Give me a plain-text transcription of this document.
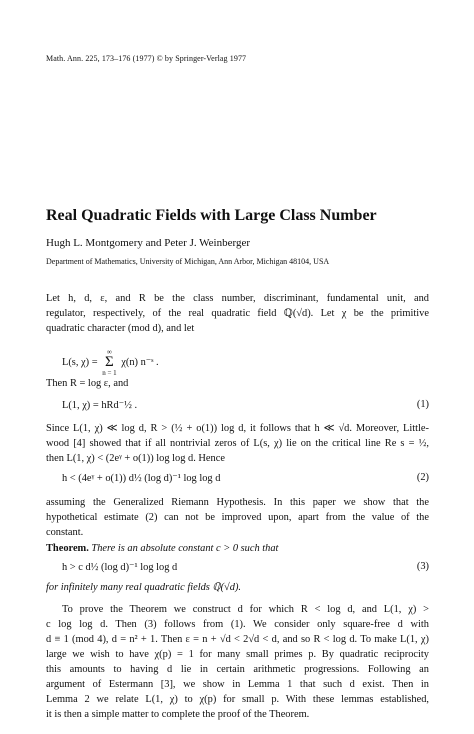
Math. Ann. 225, 173–176 (1977) © by Springer-Verlag 1977
Real Quadratic Fields with Large Class Number
Hugh L. Montgomery and Peter J. Weinberger
Department of Mathematics, University of Michigan, Ann Arbor, Michigan 48104, USA
Let h, d, ε, and R be the class number, discriminant, fundamental unit, and
regulator, respectively, of the real quadratic field ℚ(√d). Let χ be the primitive
quadratic character (mod d), and let
L(s, χ) = ∞
Σ
n = 1 χ(n) n⁻ˢ .
Then R = log ε, and
L(1, χ) = hRd⁻½ .	(1)
Since L(1, χ) ≪ log d, R > (½ + o(1)) log d, it follows that h ≪ √d. Moreover, Little-
wood [4] showed that if all nontrivial zeros of L(s, χ) lie on the critical line Re s = ½,
then L(1, χ) < (2eᵞ + o(1)) log log d. Hence
h < (4eᵞ + o(1)) d½ (log d)⁻¹ log log d	(2)
assuming the Generalized Riemann Hypothesis. In this paper we show that the
hypothetical estimate (2) can not be improved upon, apart from the value of the
constant.
Theorem. There is an absolute constant c > 0 such that
h > c d½ (log d)⁻¹ log log d	(3)
for infinitely many real quadratic fields ℚ(√d).
To prove the Theorem we construct d for which R < log d, and L(1, χ) >
c log log d. Then (3) follows from (1). We consider only square-free d with
d ≡ 1 (mod 4), d = n² + 1. Then ε = n + √d < 2√d < d, and so R < log d. To make L(1, χ)
large we wish to have χ(p) = 1 for many small primes p. By quadratic reciprocity
this amounts to having d lie in certain arithmetic progressions. Following an
argument of Estermann [3], we show in Lemma 1 that such d exist. Then in
Lemma 2 we relate L(1, χ) to χ(p) for small p. With these lemmas established,
it is then a simple matter to complete the proof of the Theorem.
